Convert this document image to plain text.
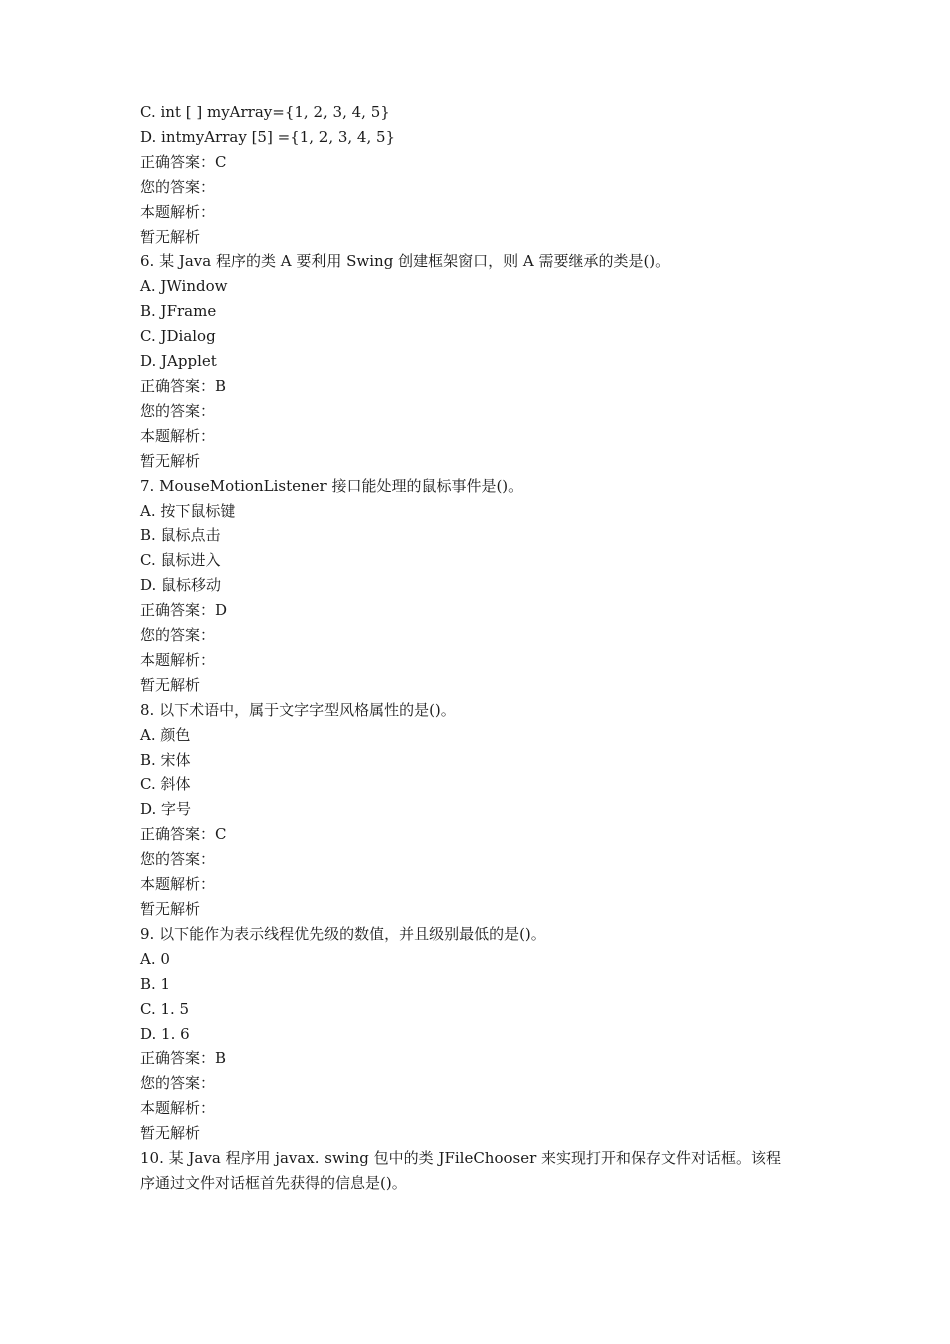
C. int [ ] myArray={1, 2, 3, 4, 5}
D. intmyArray [5] ={1, 2, 3, 4, 5}
正确答案：C
您的答案：
本题解析：
暂无解析
6. 某 Java 程序的类 A 要利用 Swing 创建框架窗口，则 A 需要继承的类是()。
A. JWindow
B. JFrame
C. JDialog
D. JApplet
正确答案：B
您的答案：
本题解析：
暂无解析
7. MouseMotionListener 接口能处理的鼠标事件是()。
A. 按下鼠标键
B. 鼠标点击
C. 鼠标进入
D. 鼠标移动
正确答案：D
您的答案：
本题解析：
暂无解析
8. 以下术语中，属于文字字型风格属性的是()。
A. 颜色
B. 宋体
C. 斜体
D. 字号
正确答案：C
您的答案：
本题解析：
暂无解析
9. 以下能作为表示线程优先级的数值，并且级别最低的是()。
A. 0
B. 1
C. 1. 5
D. 1. 6
正确答案：B
您的答案：
本题解析：
暂无解析
10. 某 Java 程序用 javax. swing 包中的类 JFileChooser 来实现打开和保存文件对话框。该程
序通过文件对话框首先获得的信息是()。
